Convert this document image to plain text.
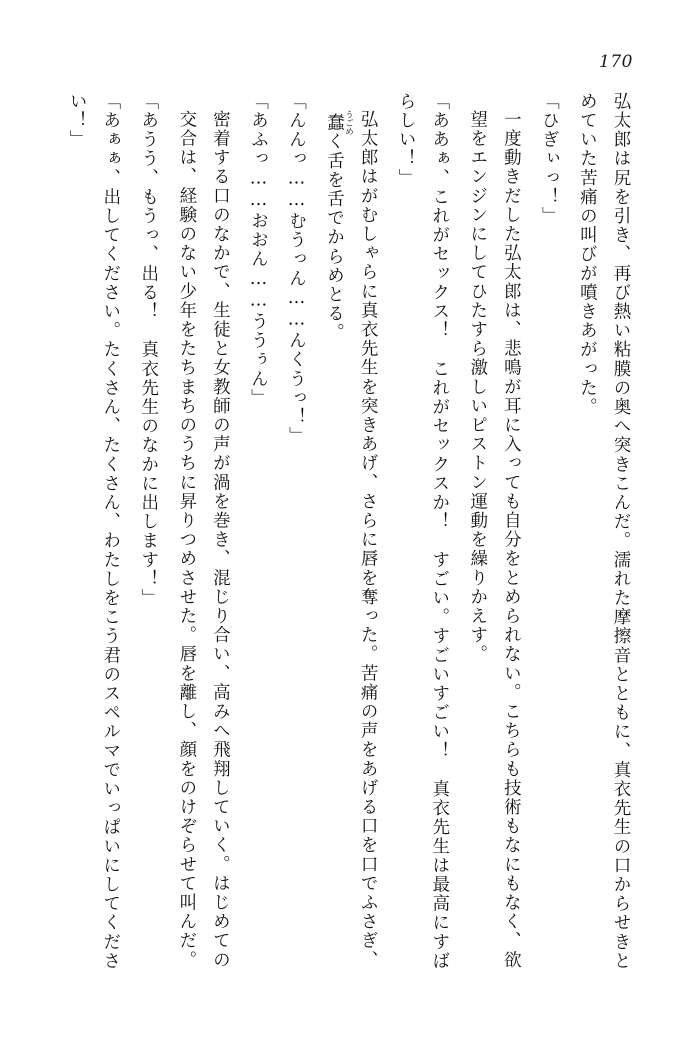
170

弘太郎は尻を引き、再び熱い粘膜の奥へ突きこんだ。濡れた摩擦音とともに、真衣先生の口からせきとめていた苦痛の叫びが噴きあがった。

「ひぎぃっ！」

一度動きだした弘太郎は、悲鳴が耳に入っても自分をとめられない。こちらも技術もなにもなく、欲望をエンジンにしてひたすら激しいピストン運動を繰りかえす。

「ああぁ、これがセックス！　これがセックスか！　すごい。すごいすごい！　真衣先生は最高にすばらしい！」

弘太郎はがむしゃらに真衣先生を突きあげ、さらに唇を奪った。苦痛の声をあげる口を口でふさぎ、蠢 うごめく舌を舌でからめとる。

「んんっ……むうっん……んくうっ！」

「あふっ……おおん……ううぅん」

密着する口のなかで、生徒と女教師の声が渦を巻き、混じり合い、高みへ飛翔していく。はじめての交合は、経験のない少年をたちまちのうちに昇りつめさせた。唇を離し、顔をのけぞらせて叫んだ。

「あうう、もうっ、出る！　真衣先生のなかに出します！」

「あぁぁ、出してください。たくさん、たくさん、わたしをこう君のスペルマでいっぱいにしてください！」
